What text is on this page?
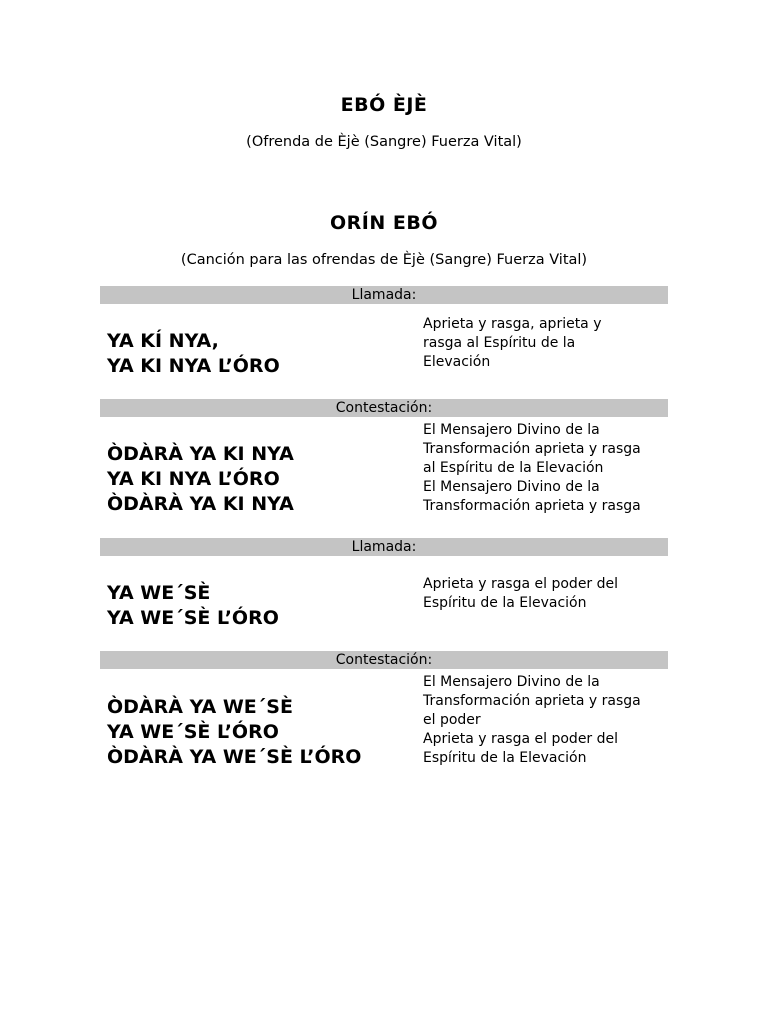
EBÓ ÈJÈ
(Ofrenda de Èjè (Sangre) Fuerza Vital)
ORÍN EBÓ
(Canción para las ofrendas de Èjè (Sangre) Fuerza Vital)
Llamada:
YA KÍ NYA,
YA KI NYA L’ÓRO
Aprieta y rasga, aprieta y
rasga al Espíritu de la
Elevación
Contestación:
ÒDÀRÀ YA KI NYA
YA KI NYA L’ÓRO
ÒDÀRÀ YA KI NYA
El Mensajero Divino de la
Transformación aprieta y rasga
al Espíritu de la Elevación
El Mensajero Divino de la
Transformación aprieta y rasga
Llamada:
YA WE´SÈ
YA WE´SÈ L’ÓRO
Aprieta y rasga el poder del
Espíritu de la Elevación
Contestación:
ÒDÀRÀ YA WE´SÈ
YA WE´SÈ L’ÓRO
ÒDÀRÀ YA WE´SÈ L’ÓRO
El Mensajero Divino de la
Transformación aprieta y rasga
el poder
Aprieta y rasga el poder del
Espíritu de la Elevación
